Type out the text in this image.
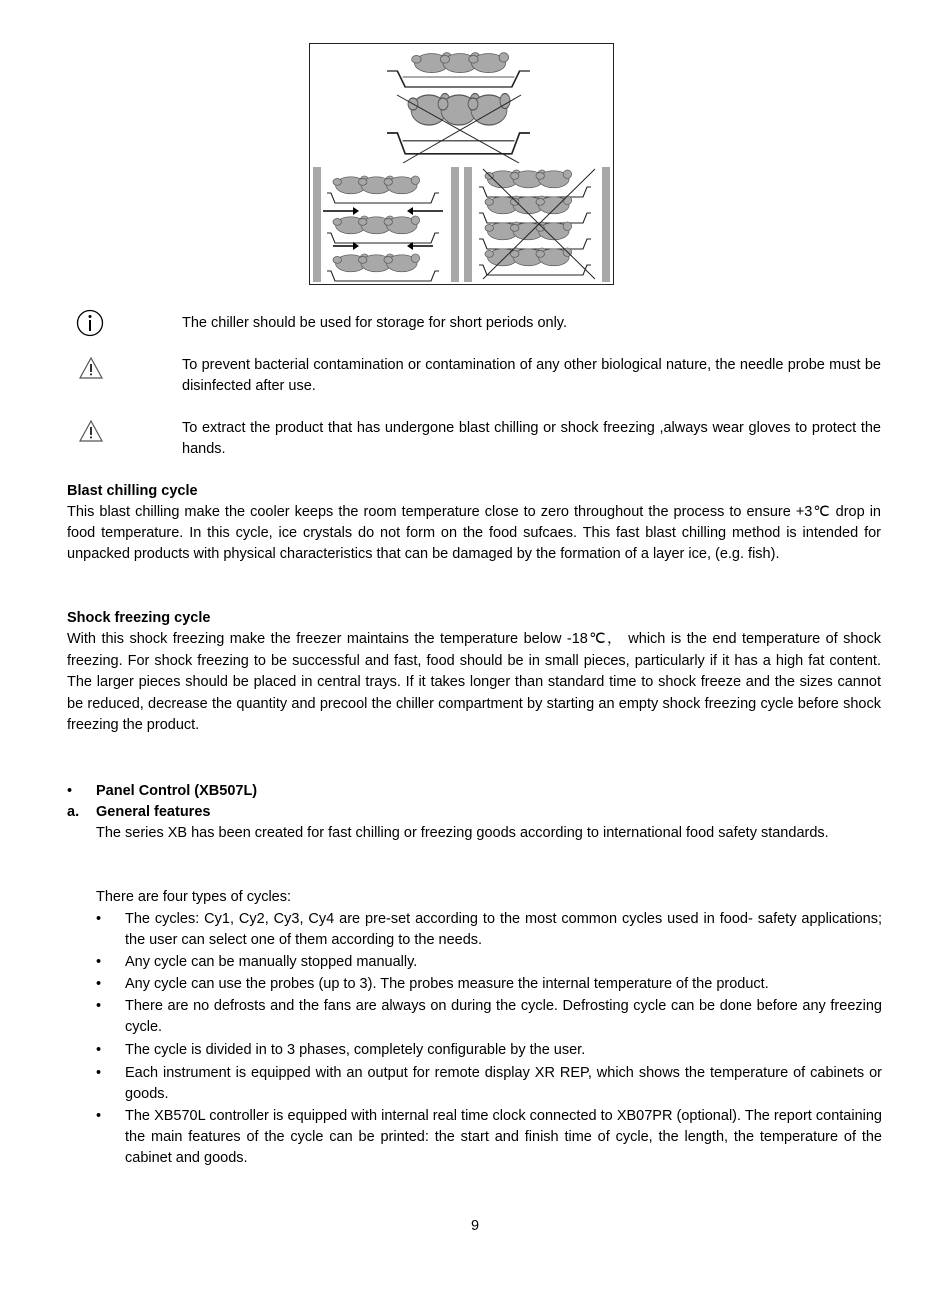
The chiller should be used for storage for short periods only.
To prevent bacterial contamination or contamination of any other biological nature, the needle probe must be disinfected after use.
To extract the product that has undergone blast chilling or shock freezing ,always wear gloves to protect the hands.
Blast chilling cycle
This blast chilling make the cooler keeps the room temperature close to zero throughout the process to ensure +3℃ drop in food temperature. In this cycle, ice crystals do not form on the food sufcaes. This fast blast chilling method is intended for unpacked products with physical characteristics that can be damaged by the formation of a layer ice, (e.g. fish).
Shock freezing cycle
With this shock freezing make the freezer maintains the temperature below -18℃， which is the end temperature of shock freezing. For shock freezing to be successful and fast, food should be in small pieces, particularly if it has a high fat content. The larger pieces should be placed in central trays. If it takes longer than standard time to shock freeze and the sizes cannot be reduced, decrease the quantity and precool the chiller compartment by starting an empty shock freezing cycle before shock freezing the product.
• Panel Control (XB507L)
a. General features
The series XB has been created for fast chilling or freezing goods according to international food safety standards.
There are four types of cycles:
•	The cycles: Cy1, Cy2, Cy3, Cy4 are pre-set according to the most common cycles used in food- safety applications; the user can select one of them according to the needs.
•	Any cycle can be manually stopped manually.
•	Any cycle can use the probes (up to 3). The probes measure the internal temperature of the product.
•	There are no defrosts and the fans are always on during the cycle. Defrosting cycle can be done before any freezing cycle.
•	The cycle is divided in to 3 phases, completely configurable by the user.
•	Each instrument is equipped with an output for remote display XR REP, which shows the temperature of cabinets or goods.
•	The XB570L controller is equipped with internal real time clock connected to XB07PR (optional). The report containing the main features of the cycle can be printed: the start and finish time of cycle, the length, the temperature of the cabinet and goods.
9
